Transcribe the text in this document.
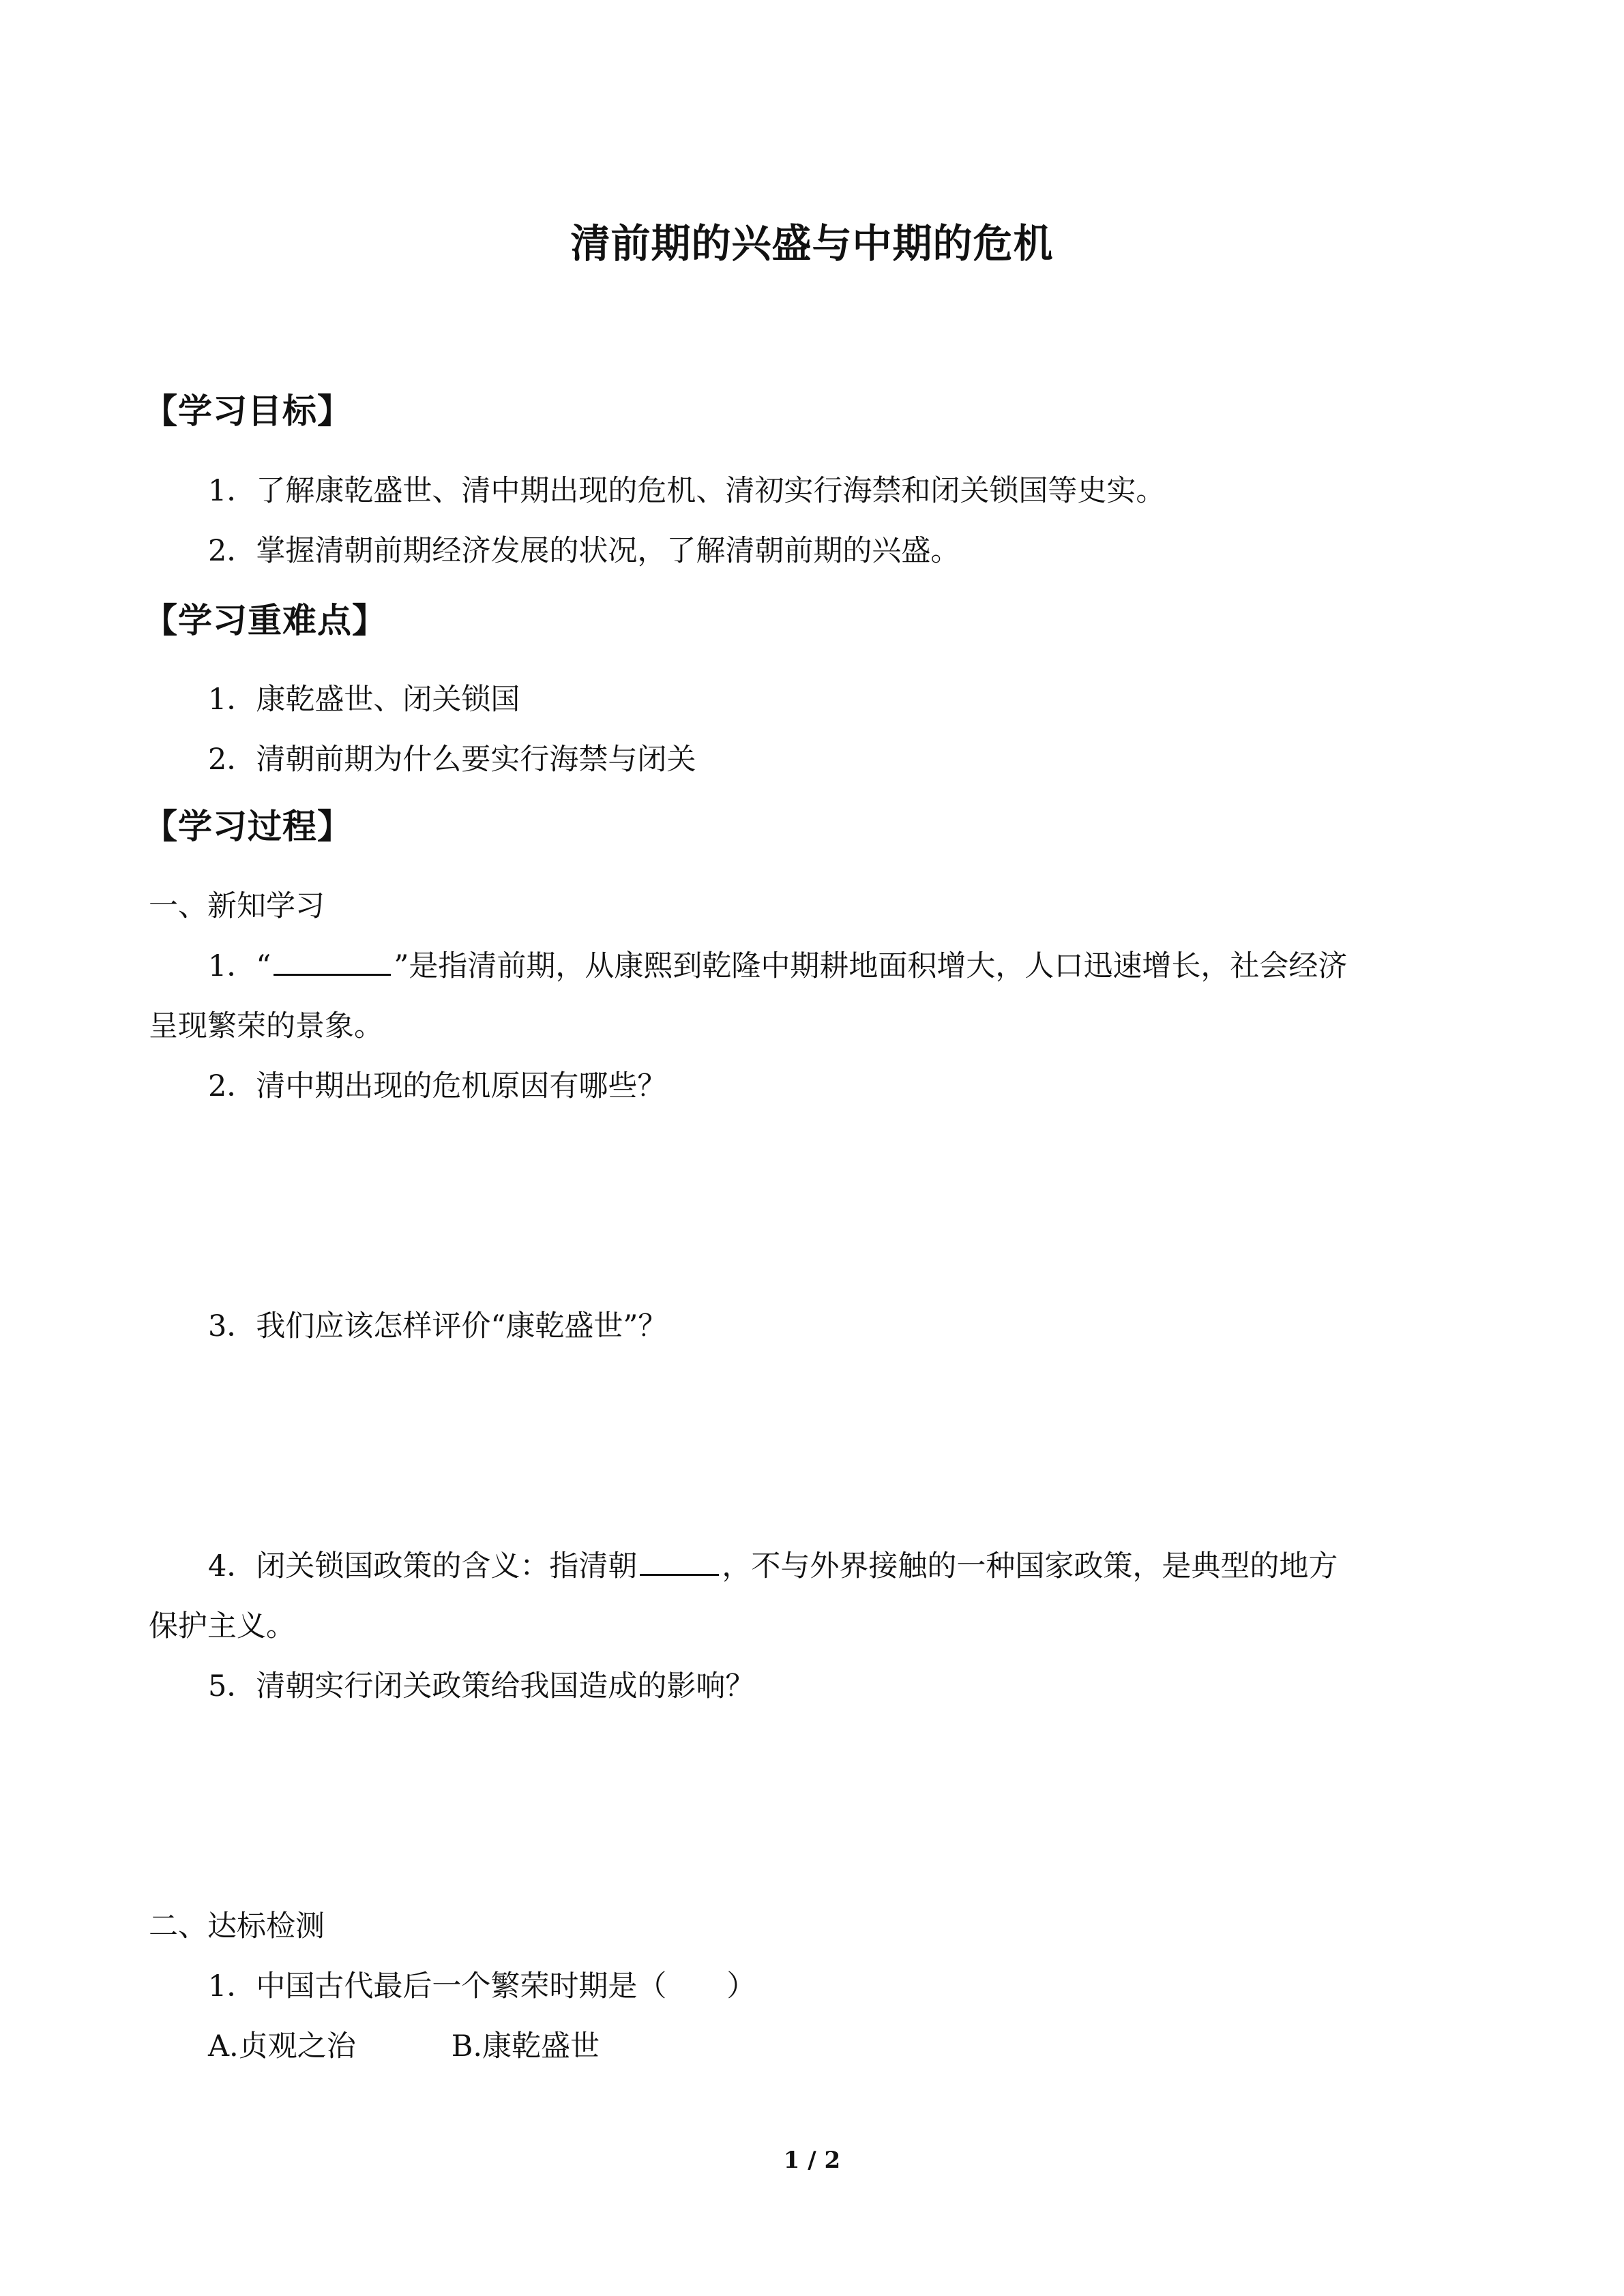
清前期的兴盛与中期的危机
【学习目标】
1．了解康乾盛世、清中期出现的危机、清初实行海禁和闭关锁国等史实。
2．掌握清朝前期经济发展的状况，了解清朝前期的兴盛。
【学习重难点】
1．康乾盛世、闭关锁国
2．清朝前期为什么要实行海禁与闭关
【学习过程】
一、新知学习
1．“	”是指清前期，从康熙到乾隆中期耕地面积增大，人口迅速增长，社会经济
呈现繁荣的景象。
2．清中期出现的危机原因有哪些？
3．我们应该怎样评价“康乾盛世”？
4．闭关锁国政策的含义：指清朝	，不与外界接触的一种国家政策，是典型的地方
保护主义。
5．清朝实行闭关政策给我国造成的影响？
二、达标检测
1．中国古代最后一个繁荣时期是（ ）
A.贞观之治	B.康乾盛世
1 / 2
